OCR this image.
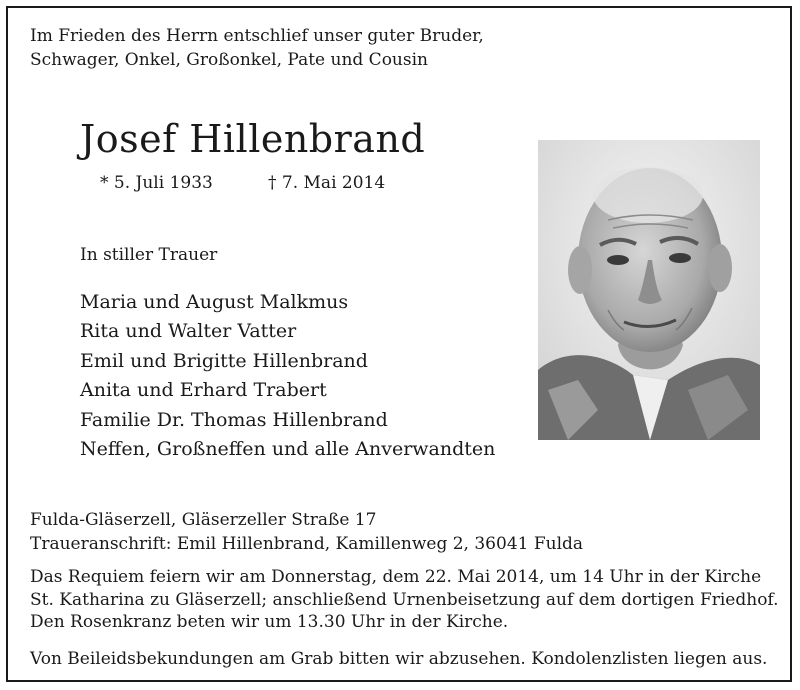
Im Frieden des Herrn entschlief unser guter Bruder,
Schwager, Onkel, Großonkel, Pate und Cousin
Josef Hillenbrand
* 5. Juli 1933	† 7. Mai 2014
In stiller Trauer
Maria und August Malkmus
Rita und Walter Vatter
Emil und Brigitte Hillenbrand
Anita und Erhard Trabert
Familie Dr. Thomas Hillenbrand
Neffen, Großneffen und alle Anverwandten
Fulda-Gläserzell, Gläserzeller Straße 17
Traueranschrift: Emil Hillenbrand, Kamillenweg 2, 36041 Fulda
Das Requiem feiern wir am Donnerstag, dem 22. Mai 2014, um 14 Uhr in der Kirche
St. Katharina zu Gläserzell; anschließend Urnenbeisetzung auf dem dortigen Friedhof.
Den Rosenkranz beten wir um 13.30 Uhr in der Kirche.
Von Beileidsbekundungen am Grab bitten wir abzusehen. Kondolenzlisten liegen aus.
